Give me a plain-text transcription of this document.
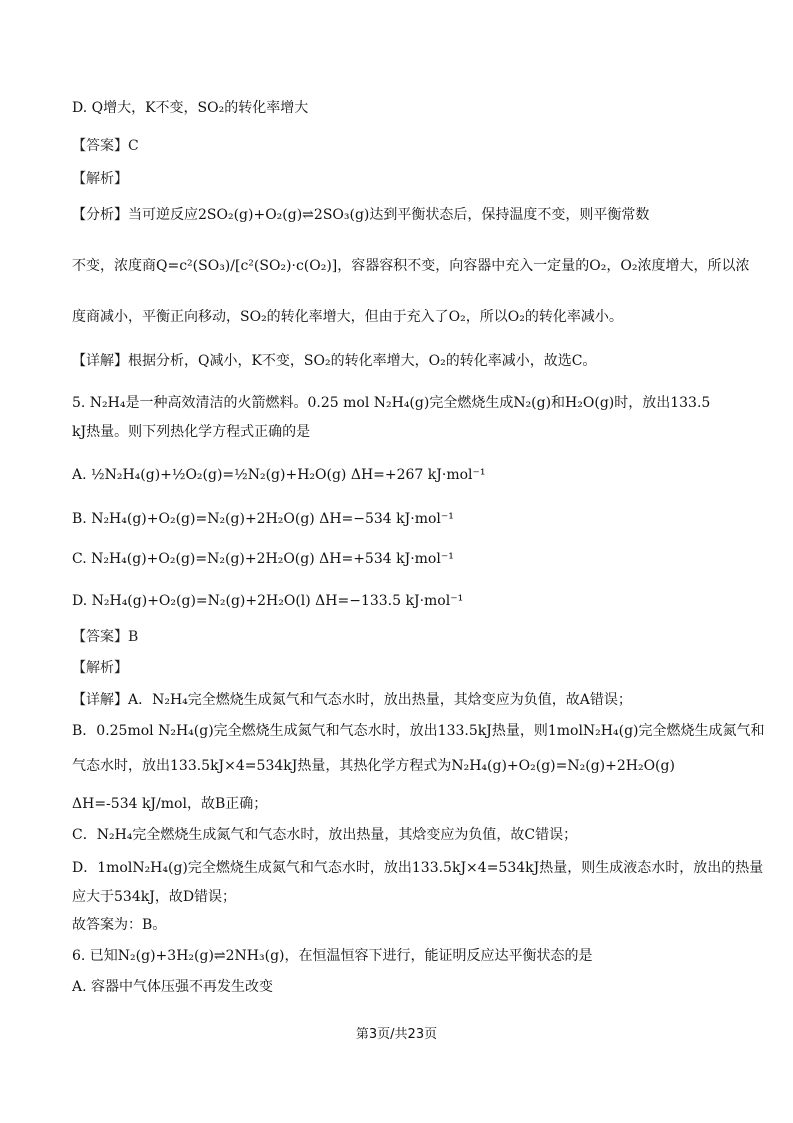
D. Q增大，K不变，SO₂的转化率增大
【答案】C
【解析】
【分析】当可逆反应2SO₂(g)+O₂(g)⇌2SO₃(g)达到平衡状态后，保持温度不变，则平衡常数
不变，浓度商Q=c²(SO₃)/[c²(SO₂)·c(O₂)]，容器容积不变，向容器中充入一定量的O₂，O₂浓度增大，所以浓
度商减小，平衡正向移动，SO₂的转化率增大，但由于充入了O₂，所以O₂的转化率减小。
【详解】根据分析，Q减小，K不变，SO₂的转化率增大，O₂的转化率减小，故选C。
5. N₂H₄是一种高效清洁的火箭燃料。0.25 mol N₂H₄(g)完全燃烧生成N₂(g)和H₂O(g)时，放出133.5
kJ热量。则下列热化学方程式正确的是
A. ½N₂H₄(g)+½O₂(g)=½N₂(g)+H₂O(g) ΔH=+267 kJ·mol⁻¹
B. N₂H₄(g)+O₂(g)=N₂(g)+2H₂O(g) ΔH=−534 kJ·mol⁻¹
C. N₂H₄(g)+O₂(g)=N₂(g)+2H₂O(g) ΔH=+534 kJ·mol⁻¹
D. N₂H₄(g)+O₂(g)=N₂(g)+2H₂O(l) ΔH=−133.5 kJ·mol⁻¹
【答案】B
【解析】
【详解】A．N₂H₄完全燃烧生成氮气和气态水时，放出热量，其焓变应为负值，故A错误；
B．0.25mol N₂H₄(g)完全燃烧生成氮气和气态水时，放出133.5kJ热量，则1molN₂H₄(g)完全燃烧生成氮气和
气态水时，放出133.5kJ×4=534kJ热量，其热化学方程式为N₂H₄(g)+O₂(g)=N₂(g)+2H₂O(g)
ΔH=-534 kJ/mol，故B正确；
C．N₂H₄完全燃烧生成氮气和气态水时，放出热量，其焓变应为负值，故C错误；
D．1molN₂H₄(g)完全燃烧生成氮气和气态水时，放出133.5kJ×4=534kJ热量，则生成液态水时，放出的热量
应大于534kJ，故D错误；
故答案为：B。
6. 已知N₂(g)+3H₂(g)⇌2NH₃(g)，在恒温恒容下进行，能证明反应达平衡状态的是
A. 容器中气体压强不再发生改变
第3页/共23页
